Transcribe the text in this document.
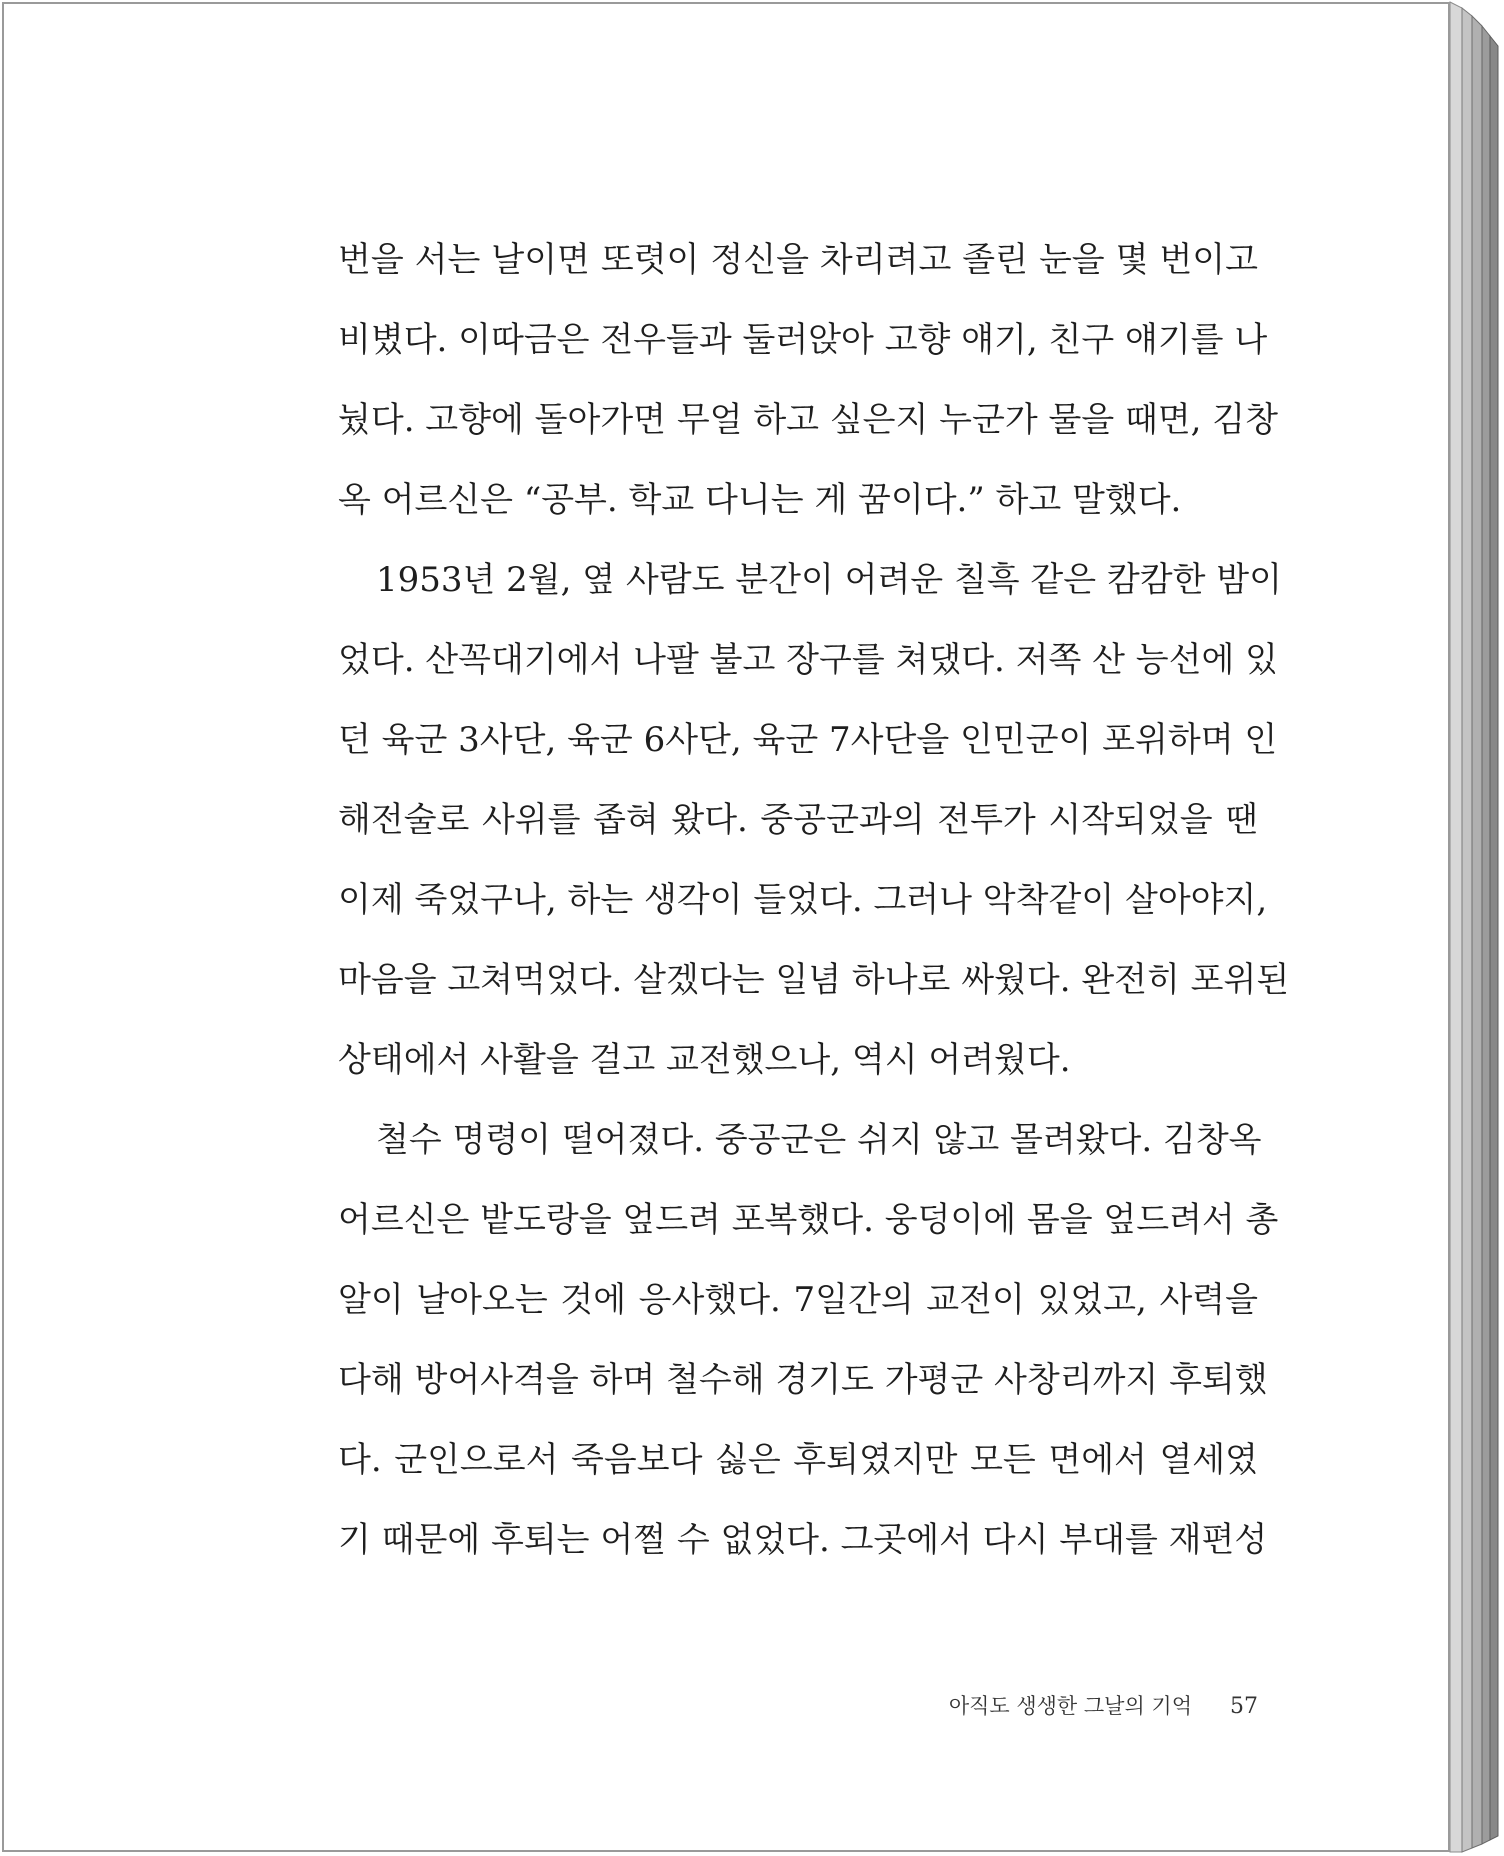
번을 서는 날이면 또렷이 정신을 차리려고 졸린 눈을 몇 번이고
비볐다. 이따금은 전우들과 둘러앉아 고향 얘기, 친구 얘기를 나
눴다. 고향에 돌아가면 무얼 하고 싶은지 누군가 물을 때면, 김창
옥 어르신은 “공부. 학교 다니는 게 꿈이다.” 하고 말했다.
1953년 2월, 옆 사람도 분간이 어려운 칠흑 같은 캄캄한 밤이
었다. 산꼭대기에서 나팔 불고 장구를 쳐댔다. 저쪽 산 능선에 있
던 육군 3사단, 육군 6사단, 육군 7사단을 인민군이 포위하며 인
해전술로 사위를 좁혀 왔다. 중공군과의 전투가 시작되었을 땐
이제 죽었구나, 하는 생각이 들었다. 그러나 악착같이 살아야지,
마음을 고쳐먹었다. 살겠다는 일념 하나로 싸웠다. 완전히 포위된
상태에서 사활을 걸고 교전했으나, 역시 어려웠다.
철수 명령이 떨어졌다. 중공군은 쉬지 않고 몰려왔다. 김창옥
어르신은 밭도랑을 엎드려 포복했다. 웅덩이에 몸을 엎드려서 총
알이 날아오는 것에 응사했다. 7일간의 교전이 있었고, 사력을
다해 방어사격을 하며 철수해 경기도 가평군 사창리까지 후퇴했
다. 군인으로서 죽음보다 싫은 후퇴였지만 모든 면에서 열세였
기 때문에 후퇴는 어쩔 수 없었다. 그곳에서 다시 부대를 재편성
아직도 생생한 그날의 기억 57
